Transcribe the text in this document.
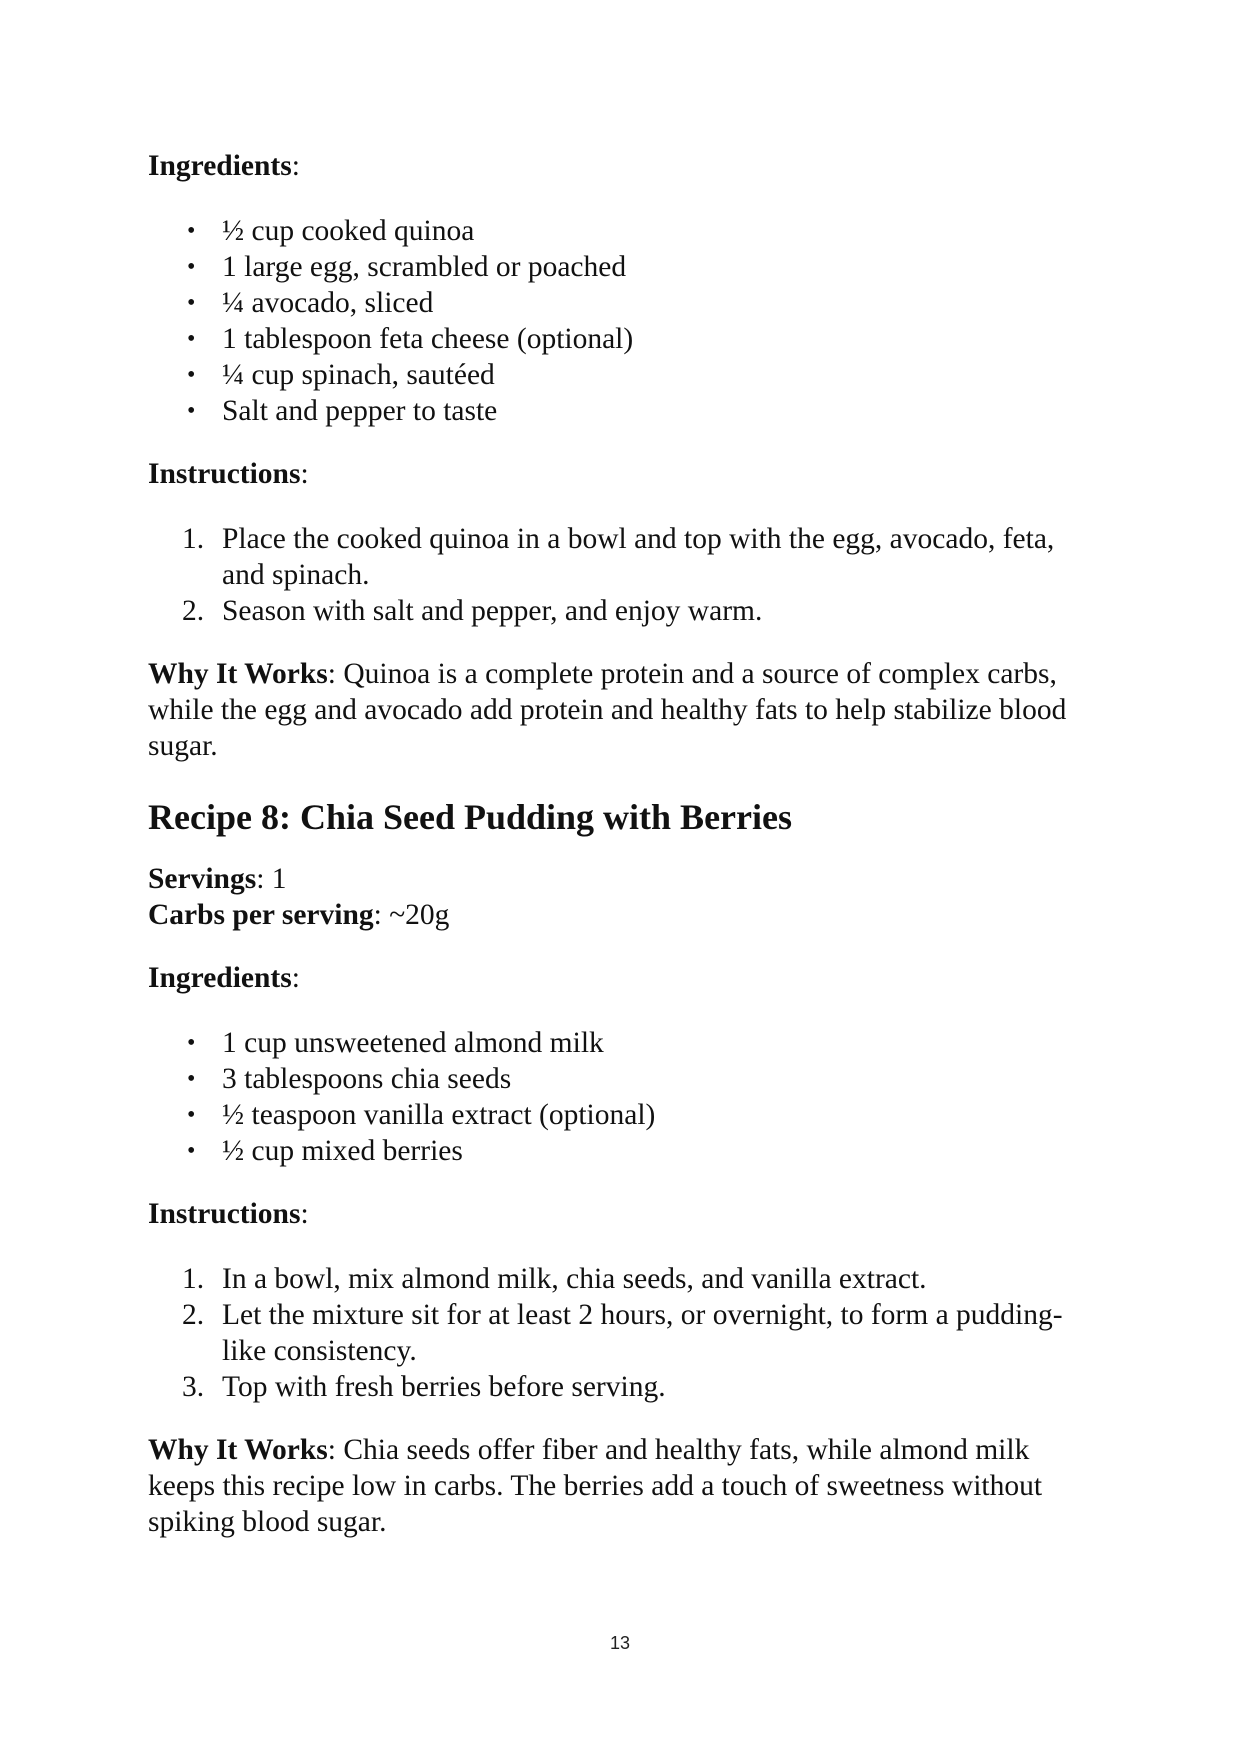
Ingredients:

• ½ cup cooked quinoa
• 1 large egg, scrambled or poached
• ¼ avocado, sliced
• 1 tablespoon feta cheese (optional)
• ¼ cup spinach, sautéed
• Salt and pepper to taste

Instructions:

1. Place the cooked quinoa in a bowl and top with the egg, avocado, feta, and spinach.
2. Season with salt and pepper, and enjoy warm.

Why It Works: Quinoa is a complete protein and a source of complex carbs, while the egg and avocado add protein and healthy fats to help stabilize blood sugar.

Recipe 8: Chia Seed Pudding with Berries

Servings: 1

Carbs per serving: ~20g

Ingredients:

• 1 cup unsweetened almond milk
• 3 tablespoons chia seeds
• ½ teaspoon vanilla extract (optional)
• ½ cup mixed berries

Instructions:

1. In a bowl, mix almond milk, chia seeds, and vanilla extract.
2. Let the mixture sit for at least 2 hours, or overnight, to form a pudding-like consistency.
3. Top with fresh berries before serving.

Why It Works: Chia seeds offer fiber and healthy fats, while almond milk keeps this recipe low in carbs. The berries add a touch of sweetness without spiking blood sugar.

13
